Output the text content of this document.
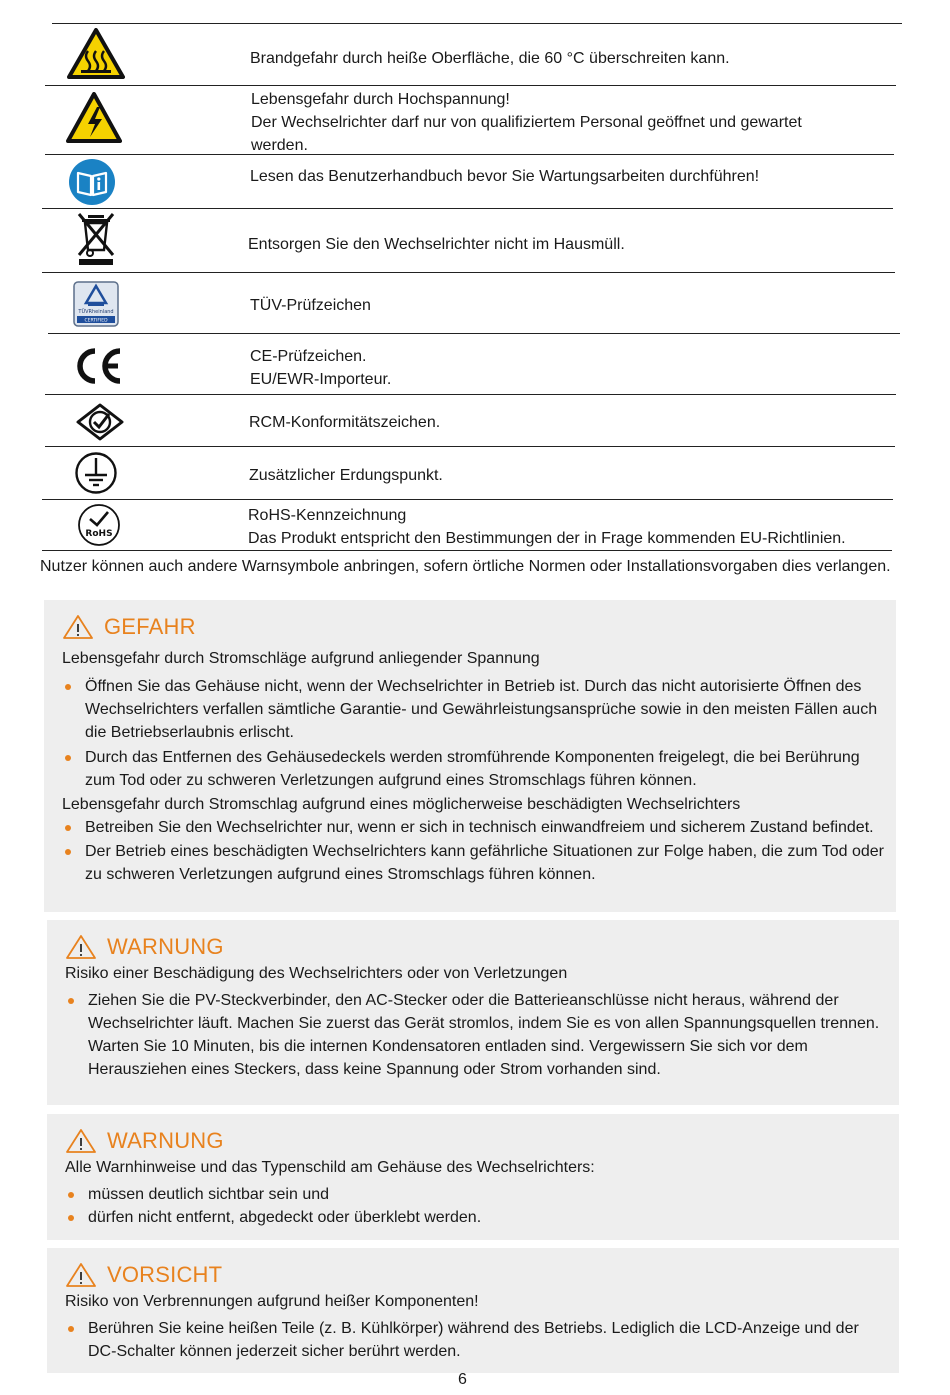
Brandgefahr durch heiße Oberfläche, die 60 °C überschreiten kann.
Lebensgefahr durch Hochspannung!
Der Wechselrichter darf nur von qualifiziertem Personal geöffnet und gewartet
werden.
Lesen das Benutzerhandbuch bevor Sie Wartungsarbeiten durchführen!
Entsorgen Sie den Wechselrichter nicht im Hausmüll.
TÜVRheinland
CERTIFIED
TÜV-Prüfzeichen
CE-Prüfzeichen.
EU/EWR-Importeur.
RCM-Konformitätszeichen.
Zusätzlicher Erdungspunkt.
RoHS
RoHS-Kennzeichnung
Das Produkt entspricht den Bestimmungen der in Frage kommenden EU-Richtlinien.
Nutzer können auch andere Warnsymbole anbringen, sofern örtliche Normen oder Installationsvorgaben dies verlangen.
GEFAHR
Lebensgefahr durch Stromschläge aufgrund anliegender Spannung
Öffnen Sie das Gehäuse nicht, wenn der Wechselrichter in Betrieb ist. Durch das nicht autorisierte Öffnen des Wechselrichters verfallen sämtliche Garantie- und Gewährleistungsansprüche sowie in den meisten Fällen auch die Betriebserlaubnis erlischt.
Durch das Entfernen des Gehäusedeckels werden stromführende Komponenten freigelegt, die bei Berührung zum Tod oder zu schweren Verletzungen aufgrund eines Stromschlags führen können.
Lebensgefahr durch Stromschlag aufgrund eines möglicherweise beschädigten Wechselrichters
Betreiben Sie den Wechselrichter nur, wenn er sich in technisch einwandfreiem und sicherem Zustand befindet.
Der Betrieb eines beschädigten Wechselrichters kann gefährliche Situationen zur Folge haben, die zum Tod oder zu schweren Verletzungen aufgrund eines Stromschlags führen können.
WARNUNG
Risiko einer Beschädigung des Wechselrichters oder von Verletzungen
Ziehen Sie die PV-Steckverbinder, den AC-Stecker oder die Batterieanschlüsse nicht heraus, während der Wechselrichter läuft. Machen Sie zuerst das Gerät stromlos, indem Sie es von allen Spannungsquellen trennen. Warten Sie 10 Minuten, bis die internen Kondensatoren entladen sind. Vergewissern Sie sich vor dem Herausziehen eines Steckers, dass keine Spannung oder Strom vorhanden sind.
WARNUNG
Alle Warnhinweise und das Typenschild am Gehäuse des Wechselrichters:
müssen deutlich sichtbar sein und
dürfen nicht entfernt, abgedeckt oder überklebt werden.
VORSICHT
Risiko von Verbrennungen aufgrund heißer Komponenten!
Berühren Sie keine heißen Teile (z. B. Kühlkörper) während des Betriebs. Lediglich die LCD-Anzeige und der DC-Schalter können jederzeit sicher berührt werden.
6
